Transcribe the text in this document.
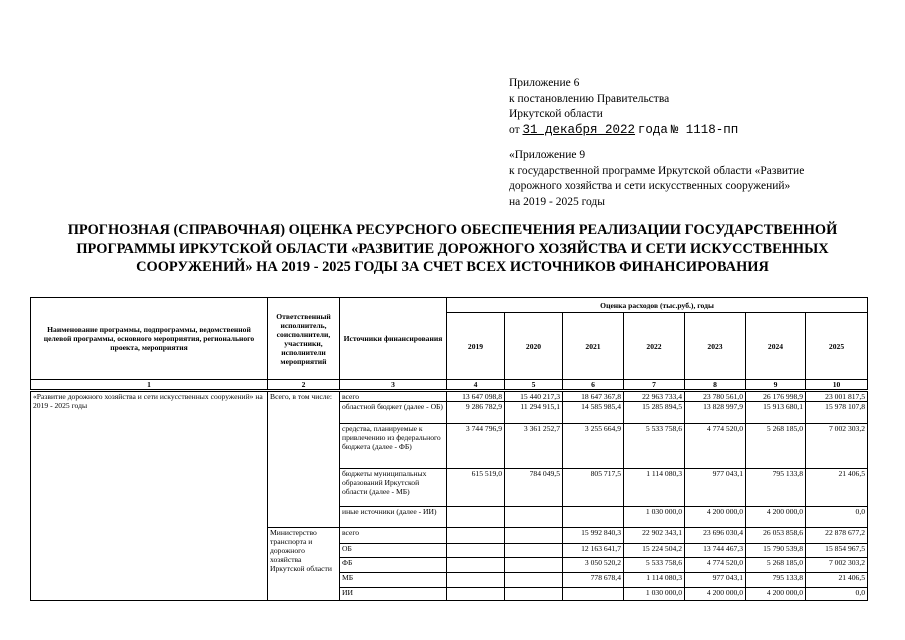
Приложение 6
к постановлению Правительства
Иркутской области
от 31 декабря 2022 года № 1118-пп
«Приложение 9
к государственной программе Иркутской области «Развитие
дорожного хозяйства и сети искусственных сооружений»
на 2019 - 2025 годы
ПРОГНОЗНАЯ (СПРАВОЧНАЯ) ОЦЕНКА РЕСУРСНОГО ОБЕСПЕЧЕНИЯ РЕАЛИЗАЦИИ ГОСУДАРСТВЕННОЙ
ПРОГРАММЫ ИРКУТСКОЙ ОБЛАСТИ «РАЗВИТИЕ ДОРОЖНОГО ХОЗЯЙСТВА И СЕТИ ИСКУССТВЕННЫХ
СООРУЖЕНИЙ» НА 2019 - 2025 ГОДЫ ЗА СЧЕТ ВСЕХ ИСТОЧНИКОВ ФИНАНСИРОВАНИЯ
Наименование программы, подпрограммы, ведомственной целевой программы, основного мероприятия, регионального проекта, мероприятия	Ответственный исполнитель, соисполнители, участники, исполнители мероприятий	Источники финансирования	Оценка расходов (тыс.руб.), годы						
			2019	2020	2021	2022	2023	2024	2025
1	2	3	4	5	6	7	8	9	10
«Развитие дорожного хозяйства и сети искусственных сооружений» на 2019 - 2025 годы	Всего, в том числе:	всего	13 647 098,8	15 440 217,3	18 647 367,8	22 963 733,4	23 780 561,0	26 176 998,9	23 001 817,5
		областной бюджет (далее - ОБ)	9 286 782,9	11 294 915,1	14 585 985,4	15 285 894,5	13 828 997,9	15 913 680,1	15 978 107,8
		средства, планируемые к привлечению из федерального бюджета (далее - ФБ)	3 744 796,9	3 361 252,7	3 255 664,9	5 533 758,6	4 774 520,0	5 268 185,0	7 002 303,2
		бюджеты муниципальных образований Иркутской области (далее - МБ)	615 519,0	784 049,5	805 717,5	1 114 080,3	977 043,1	795 133,8	21 406,5
		иные источники (далее - ИИ)				1 030 000,0	4 200 000,0	4 200 000,0	0,0
	Министерство транспорта и дорожного хозяйства Иркутской области	всего			15 992 840,3	22 902 343,1	23 696 030,4	26 053 858,6	22 878 677,2
		ОБ			12 163 641,7	15 224 504,2	13 744 467,3	15 790 539,8	15 854 967,5
		ФБ			3 050 520,2	5 533 758,6	4 774 520,0	5 268 185,0	7 002 303,2
		МБ			778 678,4	1 114 080,3	977 043,1	795 133,8	21 406,5
		ИИ				1 030 000,0	4 200 000,0	4 200 000,0	0,0
